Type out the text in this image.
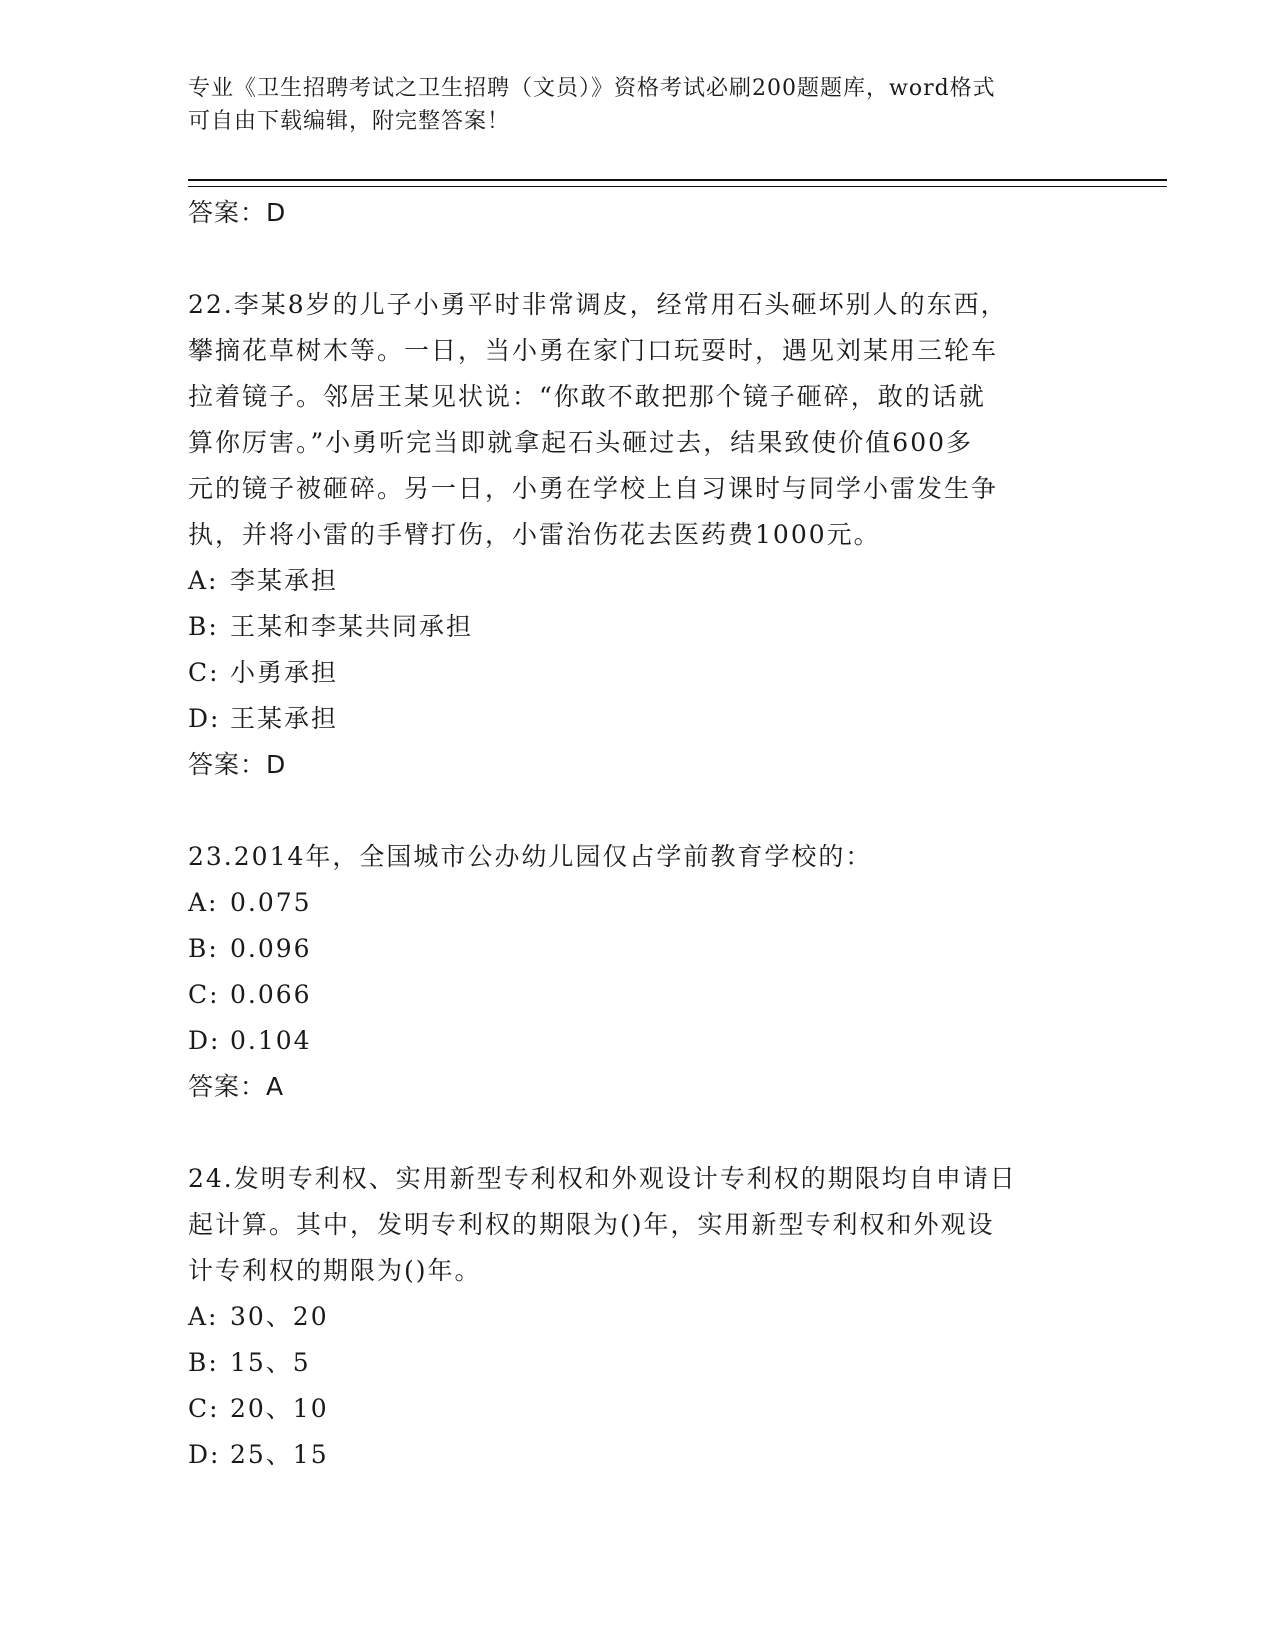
专业《卫生招聘考试之卫生招聘（文员）》资格考试必刷200题题库，word格式
可自由下载编辑，附完整答案！
答案：D
22.李某8岁的儿子小勇平时非常调皮，经常用石头砸坏别人的东西，
攀摘花草树木等。一日，当小勇在家门口玩耍时，遇见刘某用三轮车
拉着镜子。邻居王某见状说：“你敢不敢把那个镜子砸碎，敢的话就
算你厉害。”小勇听完当即就拿起石头砸过去，结果致使价值600多
元的镜子被砸碎。另一日，小勇在学校上自习课时与同学小雷发生争
执，并将小雷的手臂打伤，小雷治伤花去医药费1000元。
A: 李某承担
B: 王某和李某共同承担
C: 小勇承担
D: 王某承担
答案：D
23.2014年，全国城市公办幼儿园仅占学前教育学校的：
A: 0.075
B: 0.096
C: 0.066
D: 0.104
答案：A
24.发明专利权、实用新型专利权和外观设计专利权的期限均自申请日
起计算。其中，发明专利权的期限为()年，实用新型专利权和外观设
计专利权的期限为()年。
A: 30、20
B: 15、5
C: 20、10
D: 25、15
